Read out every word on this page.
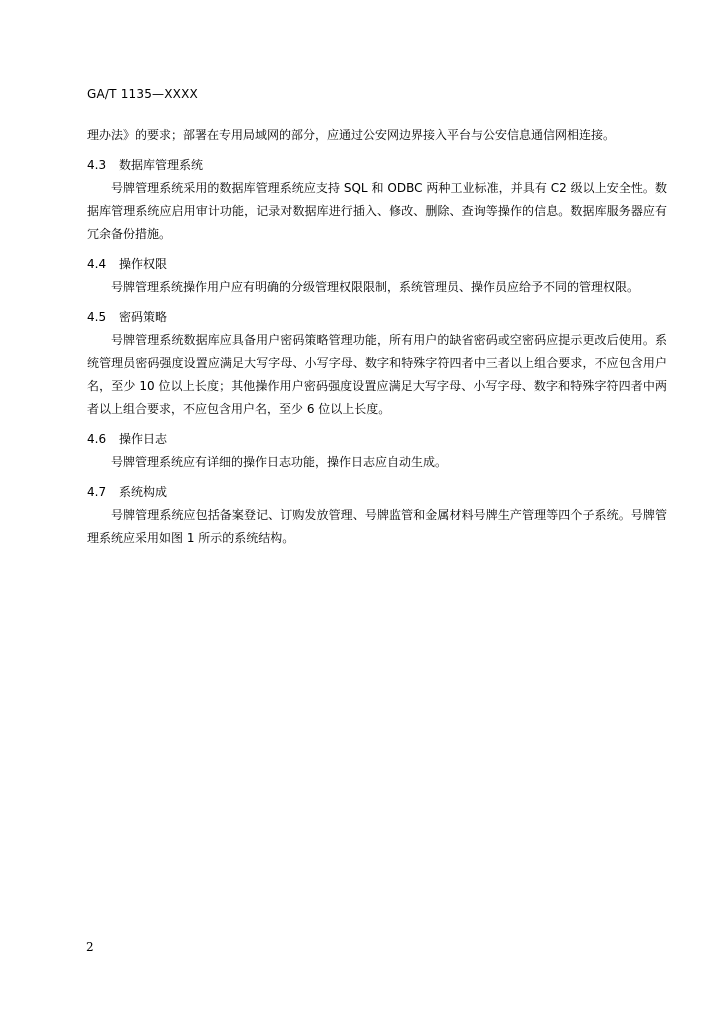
GA/T 1135—XXXX

理办法》的要求；部署在专用局域网的部分，应通过公安网边界接入平台与公安信息通信网相连接。

4.3 数据库管理系统

号牌管理系统采用的数据库管理系统应支持 SQL 和 ODBC 两种工业标准，并具有 C2 级以上安全性。数据库管理系统应启用审计功能，记录对数据库进行插入、修改、删除、查询等操作的信息。数据库服务器应有冗余备份措施。

4.4 操作权限

号牌管理系统操作用户应有明确的分级管理权限限制，系统管理员、操作员应给予不同的管理权限。

4.5 密码策略

号牌管理系统数据库应具备用户密码策略管理功能，所有用户的缺省密码或空密码应提示更改后使用。系统管理员密码强度设置应满足大写字母、小写字母、数字和特殊字符四者中三者以上组合要求，不应包含用户名，至少 10 位以上长度；其他操作用户密码强度设置应满足大写字母、小写字母、数字和特殊字符四者中两者以上组合要求，不应包含用户名，至少 6 位以上长度。

4.6 操作日志

号牌管理系统应有详细的操作日志功能，操作日志应自动生成。

4.7 系统构成

号牌管理系统应包括备案登记、订购发放管理、号牌监管和金属材料号牌生产管理等四个子系统。号牌管理系统应采用如图 1 所示的系统结构。

2
